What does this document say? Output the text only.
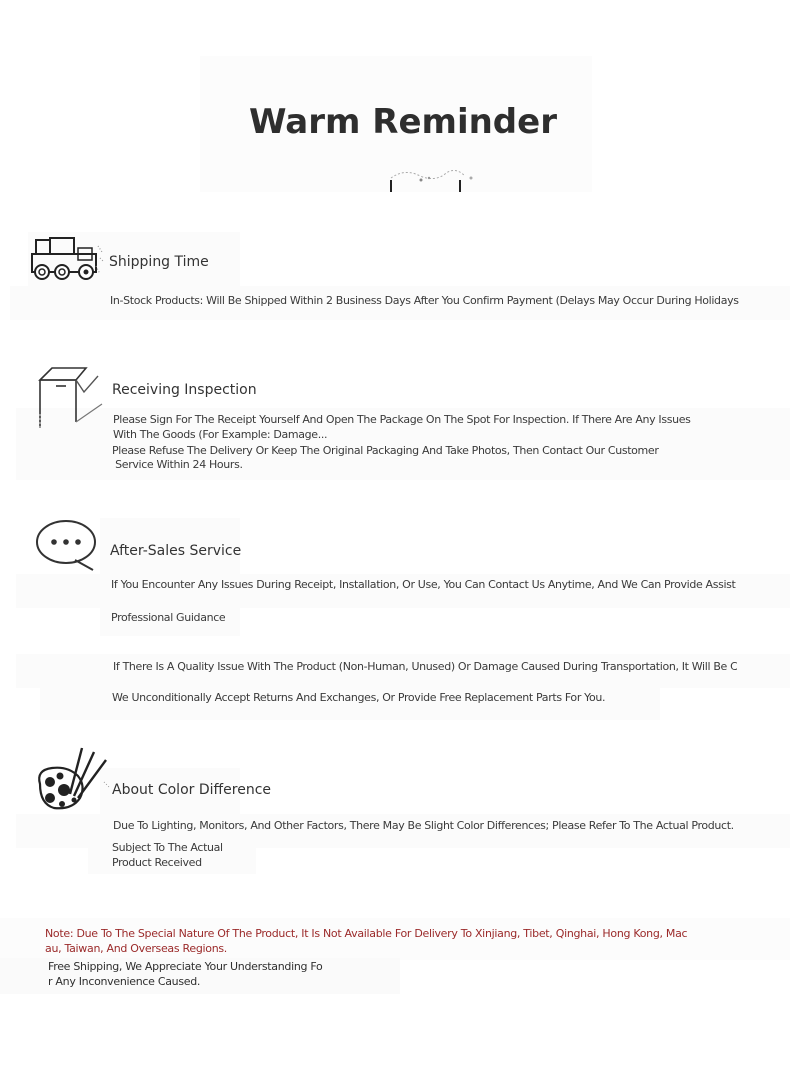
Warm Reminder
Shipping Time
In-Stock Products: Will Be Shipped Within 2 Business Days After You Confirm Payment (Delays May Occur During Holidays
Receiving Inspection
Please Sign For The Receipt Yourself And Open The Package On The Spot For Inspection. If There Are Any Issues
With The Goods (For Example: Damage...
Please Refuse The Delivery Or Keep The Original Packaging And Take Photos, Then Contact Our Customer
Service Within 24 Hours.
After-Sales Service
If You Encounter Any Issues During Receipt, Installation, Or Use, You Can Contact Us Anytime, And We Can Provide Assist
Professional Guidance
If There Is A Quality Issue With The Product (Non-Human, Unused) Or Damage Caused During Transportation, It Will Be C
We Unconditionally Accept Returns And Exchanges, Or Provide Free Replacement Parts For You.
About Color Difference
Due To Lighting, Monitors, And Other Factors, There May Be Slight Color Differences; Please Refer To The Actual Product.
Subject To The Actual
Product Received
Note: Due To The Special Nature Of The Product, It Is Not Available For Delivery To Xinjiang, Tibet, Qinghai, Hong Kong, Mac
au, Taiwan, And Overseas Regions.
Free Shipping, We Appreciate Your Understanding Fo
r Any Inconvenience Caused.
